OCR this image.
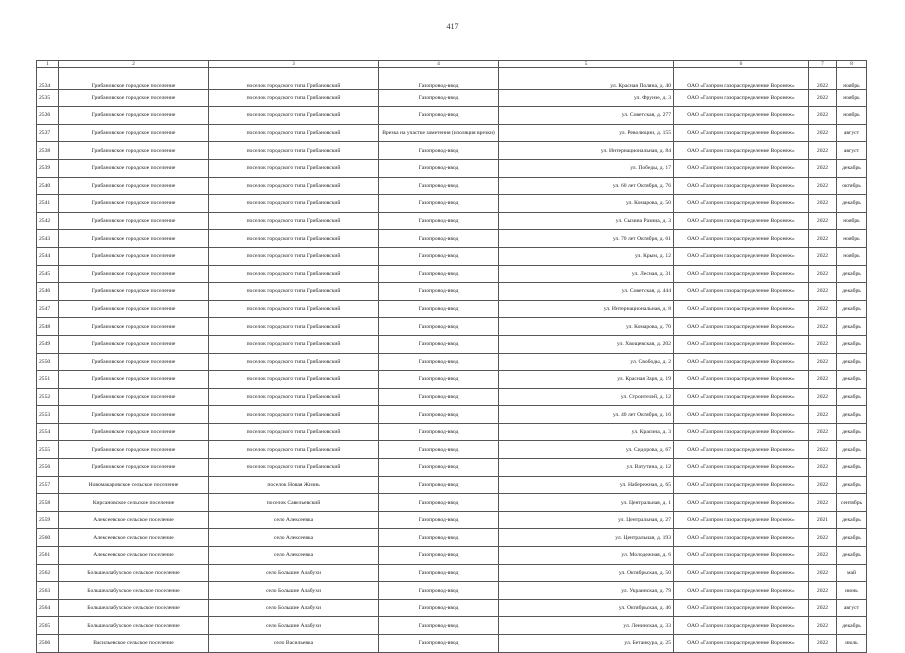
417
1	2	3	4	5	6	7	8
2534	Грибановское городское поселение	поселок городского типа Грибановский	Газопровод-ввод	ул. Красная Поляна, д. 40	ОАО «Газпром газораспределение Воронеж»	2022	ноябрь
2535	Грибановское городское поселение	поселок городского типа Грибановский	Газопровод-ввод	ул. Фрунзе, д. 3	ОАО «Газпром газораспределение Воронеж»	2022	ноябрь
2536	Грибановское городское поселение	поселок городского типа Грибановский	Газопровод-ввод	ул. Советская, д. 277	ОАО «Газпром газораспределение Воронеж»	2022	ноябрь
2537	Грибановское городское поселение	поселок городского типа Грибановский	Врезка на участке заметения (изоляция врезки)	ул. Революции, д. 155	ОАО «Газпром газораспределение Воронеж»	2022	август
2538	Грибановское городское поселение	поселок городского типа Грибановский	Газопровод-ввод	ул. Интернациональная, д. 84	ОАО «Газпром газораспределение Воронеж»	2022	август
2539	Грибановское городское поселение	поселок городского типа Грибановский	Газопровод-ввод	ул. Победы, д. 17	ОАО «Газпром газораспределение Воронеж»	2022	декабрь
2540	Грибановское городское поселение	поселок городского типа Грибановский	Газопровод-ввод	ул. 60 лет Октября, д. 76	ОАО «Газпром газораспределение Воронеж»	2022	октябрь
2541	Грибановское городское поселение	поселок городского типа Грибановский	Газопровод-ввод	ул. Комарова, д. 50	ОАО «Газпром газораспределение Воронеж»	2022	декабрь
2542	Грибановское городское поселение	поселок городского типа Грибановский	Газопровод-ввод	ул. Сызина Разина, д. 3	ОАО «Газпром газораспределение Воронеж»	2022	ноябрь
2543	Грибановское городское поселение	поселок городского типа Грибановский	Газопровод-ввод	ул. 70 лет Октября, д. 61	ОАО «Газпром газораспределение Воронеж»	2022	ноябрь
2544	Грибановское городское поселение	поселок городского типа Грибановский	Газопровод-ввод	ул. Крым, д. 12	ОАО «Газпром газораспределение Воронеж»	2022	ноябрь
2545	Грибановское городское поселение	поселок городского типа Грибановский	Газопровод-ввод	ул. Лесная, д. 31	ОАО «Газпром газораспределение Воронеж»	2022	декабрь
2546	Грибановское городское поселение	поселок городского типа Грибановский	Газопровод-ввод	ул. Советская, д. 444	ОАО «Газпром газораспределение Воронеж»	2022	декабрь
2547	Грибановское городское поселение	поселок городского типа Грибановский	Газопровод-ввод	ул. Интернациональная, д. 8	ОАО «Газпром газораспределение Воронеж»	2022	декабрь
2548	Грибановское городское поселение	поселок городского типа Грибановский	Газопровод-ввод	ул. Комарова, д. 70	ОАО «Газпром газораспределение Воронеж»	2022	декабрь
2549	Грибановское городское поселение	поселок городского типа Грибановский	Газопровод-ввод	ул. Хвощевская, д. 202	ОАО «Газпром газораспределение Воронеж»	2022	декабрь
2550	Грибановское городское поселение	поселок городского типа Грибановский	Газопровод-ввод	ул. Свободы, д. 2	ОАО «Газпром газораспределение Воронеж»	2022	декабрь
2551	Грибановское городское поселение	поселок городского типа Грибановский	Газопровод-ввод	ул. Красная Заря, д. 19	ОАО «Газпром газораспределение Воронеж»	2022	декабрь
2552	Грибановское городское поселение	поселок городского типа Грибановский	Газопровод-ввод	ул. Строителей, д. 12	ОАО «Газпром газораспределение Воронеж»	2022	декабрь
2553	Грибановское городское поселение	поселок городского типа Грибановский	Газопровод-ввод	ул. 40 лет Октября, д. 16	ОАО «Газпром газораспределение Воронеж»	2022	декабрь
2554	Грибановское городское поселение	поселок городского типа Грибановский	Газопровод-ввод	ул. Красина, д. 3	ОАО «Газпром газораспределение Воронеж»	2022	декабрь
2555	Грибановское городское поселение	поселок городского типа Грибановский	Газопровод-ввод	ул. Сидорова, д. 67	ОАО «Газпром газораспределение Воронеж»	2022	декабрь
2556	Грибановское городское поселение	поселок городского типа Грибановский	Газопровод-ввод	ул. Ватутина, д. 12	ОАО «Газпром газораспределение Воронеж»	2022	декабрь
2557	Новомакаровское сельское поселение	поселок Новая Жизнь	Газопровод-ввод	ул. Набережная, д. 65	ОАО «Газпром газораспределение Воронеж»	2022	декабрь
2558	Кирсановское сельское поселение	поселок Савельевский	Газопровод-ввод	ул. Центральная, д. 1	ОАО «Газпром газораспределение Воронеж»	2022	сентябрь
2559	Алексеевское сельское поселение	село Алексеевка	Газопровод-ввод	ул. Центральная, д. 27	ОАО «Газпром газораспределение Воронеж»	2021	декабрь
2560	Алексеевское сельское поселение	село Алексеевка	Газопровод-ввод	ул. Центральная, д. 193	ОАО «Газпром газораспределение Воронеж»	2022	декабрь
2561	Алексеевское сельское поселение	село Алексеевка	Газопровод-ввод	ул. Молодежная, д. 6	ОАО «Газпром газораспределение Воронеж»	2022	декабрь
2562	Большеалабухское сельское поселение	село Большие Алабухи	Газопровод-ввод	ул. Октябрьская, д. 50	ОАО «Газпром газораспределение Воронеж»	2022	май
2563	Большеалабухское сельское поселение	село Большие Алабухи	Газопровод-ввод	ул. Украинская, д. 79	ОАО «Газпром газораспределение Воронеж»	2022	июнь
2564	Большеалабухское сельское поселение	село Большие Алабухи	Газопровод-ввод	ул. Октябрьская, д. 46	ОАО «Газпром газораспределение Воронеж»	2022	август
2565	Большеалабухское сельское поселение	село Большие Алабухи	Газопровод-ввод	ул. Ленинская, д. 33	ОАО «Газпром газораспределение Воронеж»	2022	декабрь
2566	Васильевское сельское поселение	село Васильевка	Газопровод-ввод	ул. Бетанкура, д. 25	ОАО «Газпром газораспределение Воронеж»	2022	июль
